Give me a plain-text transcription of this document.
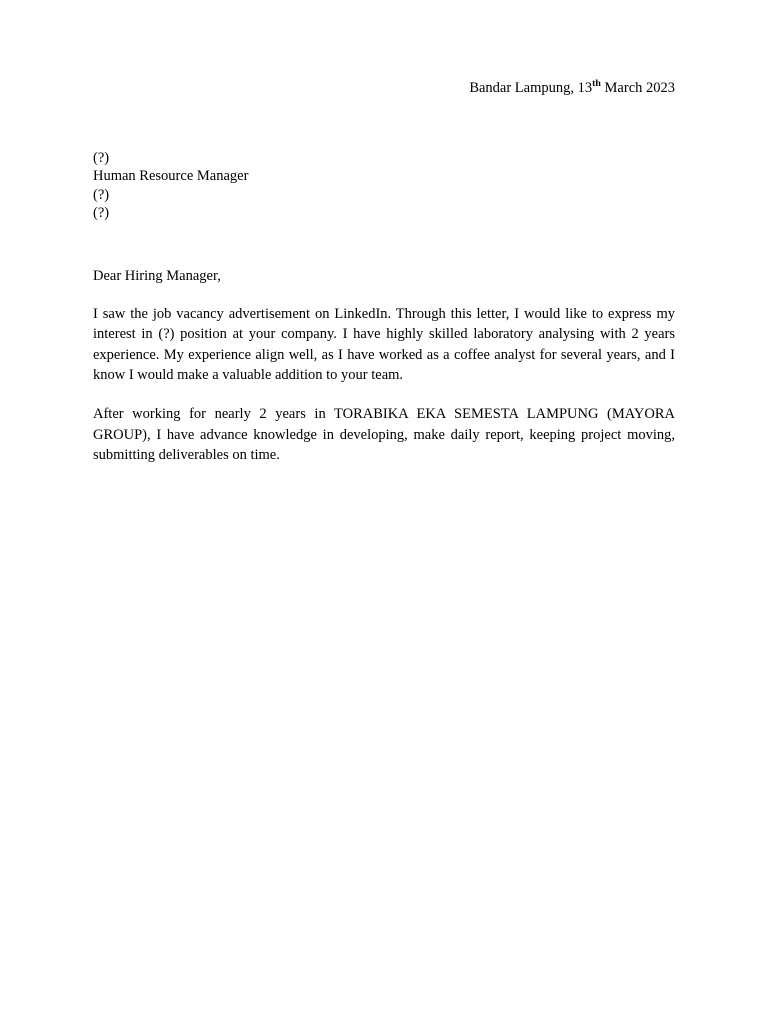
Bandar Lampung, 13th March 2023

(?)
Human Resource Manager
(?)
(?)

Dear Hiring Manager,

I saw the job vacancy advertisement on LinkedIn. Through this letter, I would like to express my interest in (?) position at your company. I have highly skilled laboratory analysing with 2 years experience. My experience align well, as I have worked as a coffee analyst for several years, and I know I would make a valuable addition to your team.

After working for nearly 2 years in TORABIKA EKA SEMESTA LAMPUNG (MAYORA GROUP), I have advance knowledge in developing, make daily report, keeping project moving, submitting deliverables on time.
